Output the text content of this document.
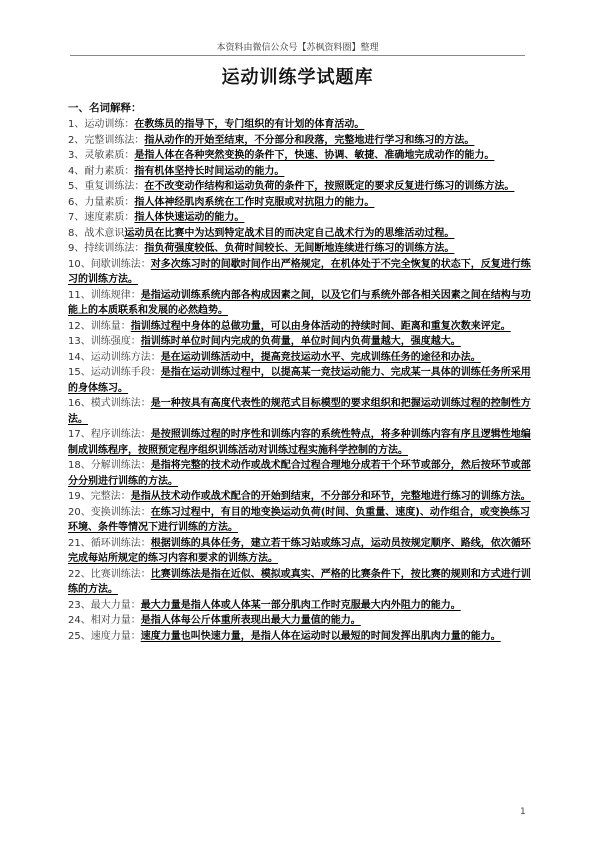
本资料由微信公众号【苏枫资料圈】整理
运动训练学试题库
一、名词解释：

1、运动训练：在教练员的指导下，专门组织的有计划的体育活动。

2、完整训练法：指从动作的开始至结束，不分部分和段落，完整地进行学习和练习的方法。

3、灵敏素质：是指人体在各种突然变换的条件下，快速、协调、敏捷、准确地完成动作的能力。

4、耐力素质：指有机体坚持长时间运动的能力。

5、重复训练法：在不改变动作结构和运动负荷的条件下，按照既定的要求反复进行练习的训练方法。

6、力量素质：指人体神经肌肉系统在工作时克服或对抗阻力的能力。

7、速度素质：指人体快速运动的能力。

8、战术意识运动员在比赛中为达到特定战术目的而决定自己战术行为的思维活动过程。

9、持续训练法：指负荷强度较低、负荷时间较长、无间断地连续进行练习的训练方法。

10、间歇训练法：对多次练习时的间歇时间作出严格规定，在机体处于不完全恢复的状态下，反复进行练习的训练方法。

11、训练规律：是指运动训练系统内部各构成因素之间，以及它们与系统外部各相关因素之间在结构与功能上的本质联系和发展的必然趋势。

12、训练量：指训练过程中身体的总做功量，可以由身体活动的持续时间、距离和重复次数来评定。

13、训练强度：指训练时单位时间内完成的负荷量，单位时间内负荷量越大，强度越大。

14、运动训练方法：是在运动训练活动中，提高竞技运动水平、完成训练任务的途径和办法。

15、运动训练手段：是指在运动训练过程中，以提高某一竞技运动能力、完成某一具体的训练任务所采用的身体练习。

16、模式训练法：是一种按具有高度代表性的规范式目标模型的要求组织和把握运动训练过程的控制性方法。

17、程序训练法：是按照训练过程的时序性和训练内容的系统性特点，将多种训练内容有序且逻辑性地编制成训练程序，按照预定程序组织训练活动对训练过程实施科学控制的方法。

18、分解训练法：是指将完整的技术动作或战术配合过程合理地分成若干个环节或部分，然后按环节或部分分别进行训练的方法。

19、完整法：是指从技术动作或战术配合的开始到结束，不分部分和环节，完整地进行练习的训练方法。

20、变换训练法：在练习过程中，有目的地变换运动负荷(时间、负重量、速度)、动作组合，或变换练习环境、条件等情况下进行训练的方法。

21、循环训练法：根据训练的具体任务，建立若干练习站或练习点，运动员按规定顺序、路线，依次循环完成每站所规定的练习内容和要求的训练方法。

22、比赛训练法：比赛训练法是指在近似、模拟或真实、严格的比赛条件下，按比赛的规则和方式进行训练的方法。

23、最大力量：最大力量是指人体或人体某一部分肌肉工作时克服最大内外阻力的能力。

24、相对力量：是指人体每公斤体重所表现出最大力量值的能力。

25、速度力量：速度力量也叫快速力量，是指人体在运动时以最短的时间发挥出肌肉力量的能力。

1
